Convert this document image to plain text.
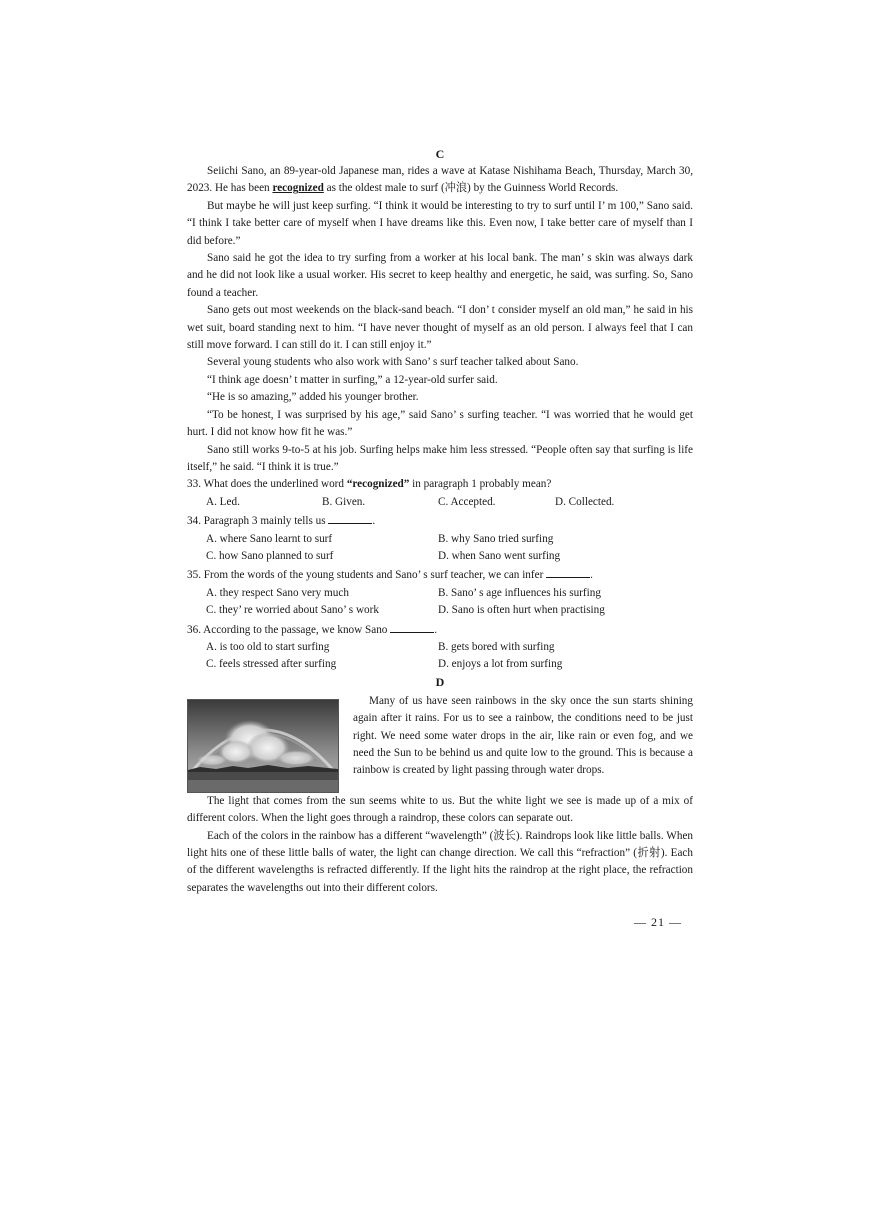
C

Seiichi Sano, an 89-year-old Japanese man, rides a wave at Katase Nishihama Beach, Thursday, March 30, 2023. He has been recognized as the oldest male to surf (冲浪) by the Guinness World Records.

But maybe he will just keep surfing. “I think it would be interesting to try to surf until I’ m 100,” Sano said. “I think I take better care of myself when I have dreams like this. Even now, I take better care of myself than I did before.”

Sano said he got the idea to try surfing from a worker at his local bank. The man’ s skin was always dark and he did not look like a usual worker. His secret to keep healthy and energetic, he said, was surfing. So, Sano found a teacher.

Sano gets out most weekends on the black-sand beach. “I don’ t consider myself an old man,” he said in his wet suit, board standing next to him. “I have never thought of myself as an old person. I always feel that I can still move forward. I can still do it. I can still enjoy it.”

Several young students who also work with Sano’ s surf teacher talked about Sano.

“I think age doesn’ t matter in surfing,” a 12-year-old surfer said.

“He is so amazing,” added his younger brother.

“To be honest, I was surprised by his age,” said Sano’ s surfing teacher. “I was worried that he would get hurt. I did not know how fit he was.”

Sano still works 9-to-5 at his job. Surfing helps make him less stressed. “People often say that surfing is life itself,” he said. “I think it is true.”

33. What does the underlined word “recognized” in paragraph 1 probably mean?

A. Led.	B. Given.	C. Accepted.	D. Collected.

34. Paragraph 3 mainly tells us	.

A. where Sano learnt to surf	B. why Sano tried surfing
C. how Sano planned to surf	D. when Sano went surfing

35. From the words of the young students and Sano’ s surf teacher, we can infer	.

A. they respect Sano very much	B. Sano’ s age influences his surfing
C. they’ re worried about Sano’ s work	D. Sano is often hurt when practising

36. According to the passage, we know Sano	.

A. is too old to start surfing	B. gets bored with surfing
C. feels stressed after surfing	D. enjoys a lot from surfing
D

Many of us have seen rainbows in the sky once the sun starts shining again after it rains. For us to see a rainbow, the conditions need to be just right. We need some water drops in the air, like rain or even fog, and we need the Sun to be behind us and quite low to the ground. This is because a rainbow is created by light passing through water drops.

The light that comes from the sun seems white to us. But the white light we see is made up of a mix of different colors. When the light goes through a raindrop, these colors can separate out.

Each of the colors in the rainbow has a different “wavelength” (波长). Raindrops look like little balls. When light hits one of these little balls of water, the light can change direction. We call this “refraction” (折射). Each of the different wavelengths is refracted differently. If the light hits the raindrop at the right place, the refraction separates the wavelengths out into their different colors.

— 21 —
